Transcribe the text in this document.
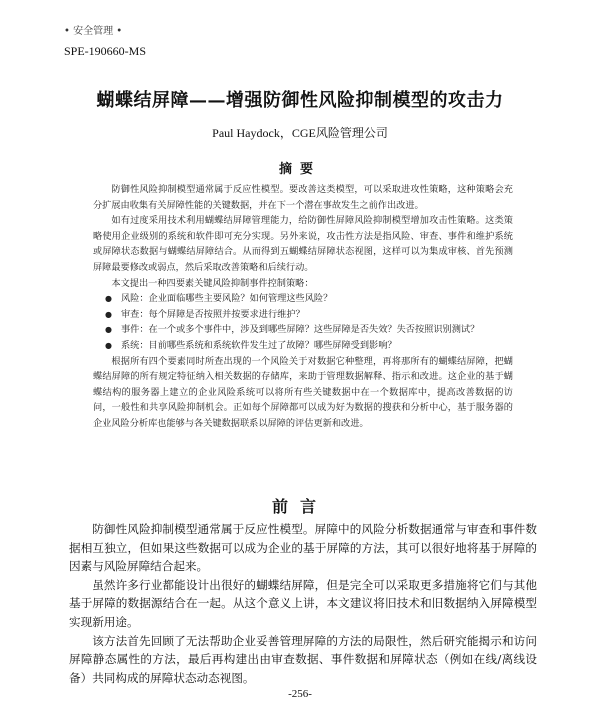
• 安全管理 •
SPE-190660-MS
蝴蝶结屏障——增强防御性风险抑制模型的攻击力
Paul Haydock，CGE风险管理公司
摘要

防御性风险抑制模型通常属于反应性模型。要改善这类模型，可以采取进攻性策略，这种策略会充分扩展由收集有关屏障性能的关键数据，并在下一个潜在事故发生之前作出改进。

如有过度采用技术利用蝴蝶结屏障管理能力，给防御性屏障风险抑制模型增加攻击性策略。这类策略使用企业级别的系统和软件即可充分实现。另外来说，攻击性方法是指风险、审查、事件和维护系统或屏障状态数据与蝴蝶结屏障结合。从而得到五蝴蝶结屏障状态视图，这样可以为集成审核、首先预测屏障最要修改或弱点，然后采取改善策略和后续行动。

本文提出一种四要素关键风险抑制事件控制策略：

● 风险：企业面临哪些主要风险？如何管理这些风险？
● 审查：每个屏障是否按照并按要求进行维护？
● 事件：在一个或多个事件中，涉及到哪些屏障？这些屏障是否失效？失否按照识别测试？
● 系统：目前哪些系统和系统软件发生过了故障？哪些屏障受到影响？

根据所有四个要素同时所查出现的一个风险关于对数据它种整理，再将那所有的蝴蝶结屏障，把蝴蝶结屏障的所有规定特征纳入相关数据的存储库，来助于管理数据解释、指示和改进。这企业的基于蝴蝶结构的服务器上建立的企业风险系统可以将所有些关键数据中在一个数据库中，提高改善数据的访问，一般性和共享风险抑制机会。正如每个屏障都可以成为好为数据的搜获和分析中心，基于服务器的企业风险分析库也能够与各关键数据联系以屏障的评估更新和改进。

前言

防御性风险抑制模型通常属于反应性模型。屏障中的风险分析数据通常与审查和事件数据相互独立，但如果这些数据可以成为企业的基于屏障的方法，其可以很好地将基于屏障的因素与风险屏障结合起来。

虽然许多行业都能设计出很好的蝴蝶结屏障，但是完全可以采取更多措施将它们与其他基于屏障的数据源结合在一起。从这个意义上讲，本文建议将旧技术和旧数据纳入屏障模型实现新用途。

该方法首先回顾了无法帮助企业妥善管理屏障的方法的局限性，然后研究能揭示和访问屏障静态属性的方法，最后再构建出由审查数据、事件数据和屏障状态（例如在线/离线设备）共同构成的屏障状态动态视图。

-256-
